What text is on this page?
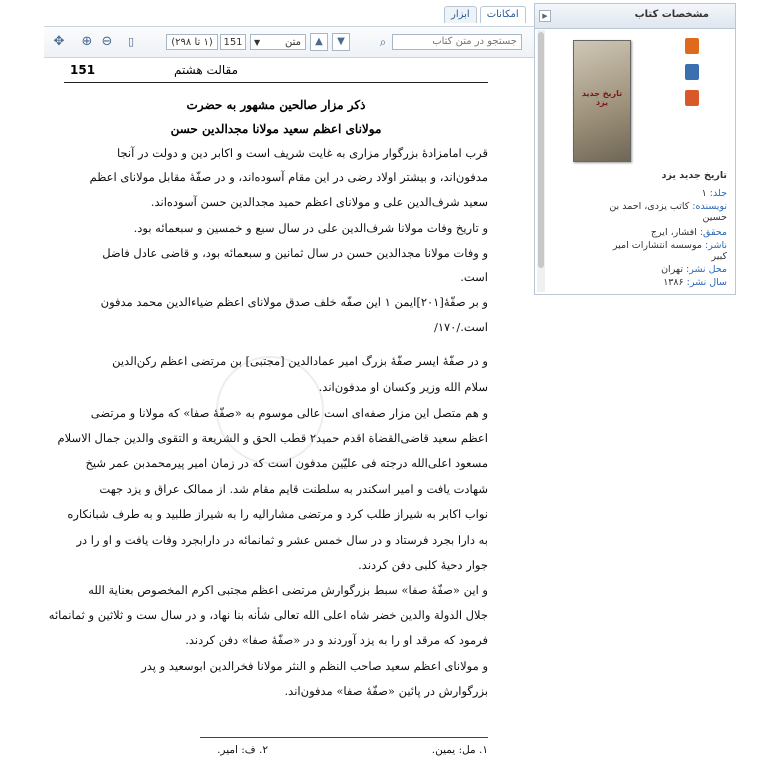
ابزار	امکانات
✥ ⊕ ⊖	▯	(۱ تا ۲۹۸)	151	متن
▼	▲	▼	⌕
جستجو در متن کتاب
151	مقالت هشتم
ذکر مزار صالحین مشهور به حضرت
مولانای اعظم سعید مولانا مجدالدین حسن
قرب امامزادهٔ بزرگوار مزاری به غایت شریف است و اکابر دین و دولت در آنجا
مدفون‌اند، و بیشتر اولاد رضی در این مقام آسوده‌اند، و در صفّهٔ مقابل مولانای اعظم
سعید شرف‌الدین علی و مولانای اعظم حمید مجدالدین حسن آسوده‌اند.
و تاریخ وفات مولانا شرف‌الدین علی در سال سبع و خمسین و سبعمائه بود.
و وفات مولانا مجدالدین حسن در سال ثمانین و سبعمائه بود، و قاضی عادل فاضل
است.
و بر صفّهٔ[۲۰۱]ایمن ۱ این صفّه خلف صدق مولانای اعظم ضیاءالدین محمد مدفون
است./۱۷۰/
و در صفّهٔ ایسر صفّهٔ بزرگ امیر عمادالدین [مجتبی] بن مرتضی اعظم رکن‌الدین
سلام الله وزیر وکسان او مدفون‌اند.
و هم متصل این مزار صفه‌ای است عالی موسوم به «صفّهٔ صفا» که مولانا و مرتضی
اعظم سعید قاضی‌القضاة اقدم حمید۲ قطب الحق و الشریعة و التقوی والدین جمال الاسلام
مسعود اعلی‌الله درجته فی علیّین مدفون است که در زمان امیر پیرمحمدبن عمر شیخ
شهادت یافت و امیر اسکندر به سلطنت قایم مقام شد. از ممالک عراق و یزد جهت
نواب اکابر به شیراز طلب کرد و مرتضی مشارالیه را به شیراز طلبید و به طرف شبانکاره
به دارا بجرد فرستاد و در سال خمس عشر و ثمانمائه در دارابجرد وفات یافت و او را در
جوار دحیهٔ کلبی دفن کردند.
و این «صفّهٔ صفا» سبط بزرگوارش مرتضی اعظم مجتبی اکرم المخصوص بعنایة الله
جلال الدولة والدین خضر شاه اعلی الله تعالی شأنه بنا نهاد، و در سال ست و ثلاثین و ثمانمائه
فرمود که مرقد او را به یزد آوردند و در «صفّهٔ صفا» دفن کردند.
و مولانای اعظم سعید صاحب النظم و النثر مولانا فخرالدین ابوسعید و پدر
بزرگوارش در پائین «صفّهٔ صفا» مدفون‌اند.
۱. مل: یمین.
۲. ف: امیر.
▶	مشخصات کتاب
تاریخ جدید یزد
تاریخ جدید یزد
جلد: ۱
نویسنده: کاتب یزدی، احمد بن حسین
محقق: افشار، ایرج
ناشر: موسسه انتشارات امیر کبیر
محل نشر: تهران
سال نشر: ۱۳۸۶
